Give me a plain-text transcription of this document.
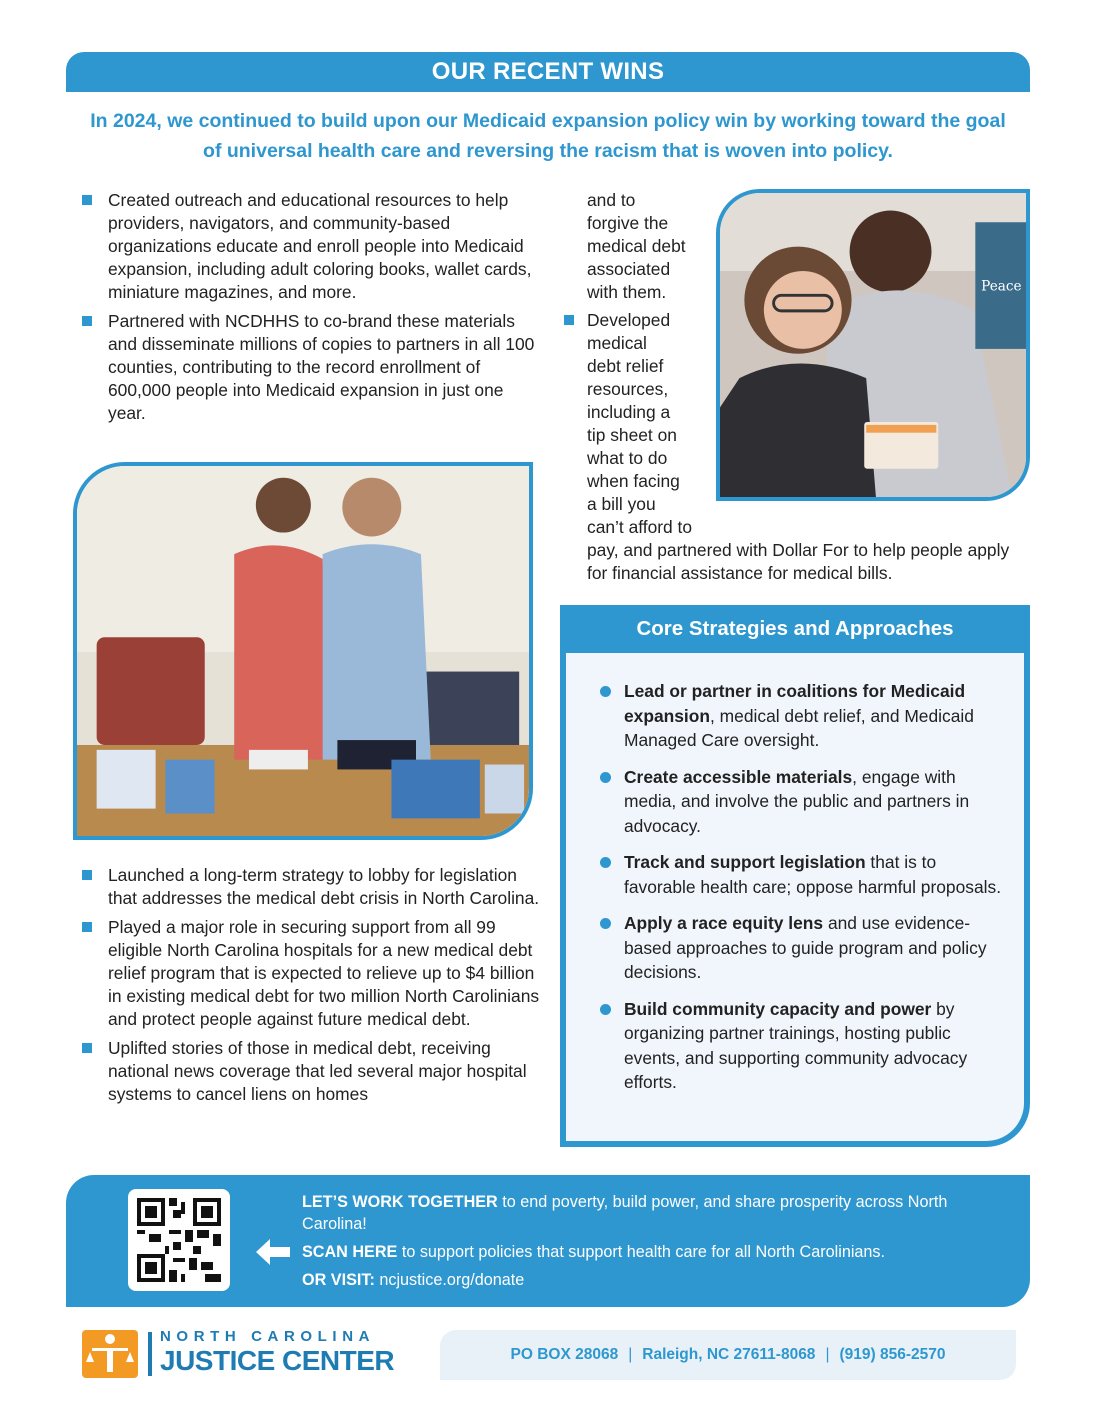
OUR RECENT WINS

In 2024, we continued to build upon our Medicaid expansion policy win by working toward the goal of universal health care and reversing the racism that is woven into policy.

Created outreach and educational resources to help providers, navigators, and community-based organizations educate and enroll people into Medicaid expansion, including adult coloring books, wallet cards, miniature magazines, and more.
Partnered with NCDHHS to co-brand these materials and disseminate millions of copies to partners in all 100 counties, contributing to the record enrollment of 600,000 people into Medicaid expansion in just one year.
and to
forgive the
medical debt
associated
with them.
Developed
medical
debt relief
resources,
including a
tip sheet on
what to do
when facing
a bill you
can’t afford to
pay, and partnered with Dollar For to help people apply for financial assistance for medical bills.
Peace
Launched a long-term strategy to lobby for legislation that addresses the medical debt crisis in North Carolina.
Played a major role in securing support from all 99 eligible North Carolina hospitals for a new medical debt relief program that is expected to relieve up to $4 billion in existing medical debt for two million North Carolinians and protect people against future medical debt.
Uplifted stories of those in medical debt, receiving national news coverage that led several major hospital systems to cancel liens on homes
Core Strategies and Approaches
Lead or partner in coalitions for Medicaid expansion, medical debt relief, and Medicaid Managed Care oversight.
Create accessible materials, engage with media, and involve the public and partners in advocacy.
Track and support legislation that is to favorable health care; oppose harmful proposals.
Apply a race equity lens and use evidence-based approaches to guide program and policy decisions.
Build community capacity and power by organizing partner trainings, hosting public events, and supporting community advocacy efforts.

LET’S WORK TOGETHER to end poverty, build power, and share prosperity across North Carolina!

SCAN HERE to support policies that support health care for all North Carolinians.

OR VISIT: ncjustice.org/donate

NORTH CAROLINA
JUSTICE CENTER	PO BOX 28068 | Raleigh, NC 27611-8068 | (919) 856-2570
